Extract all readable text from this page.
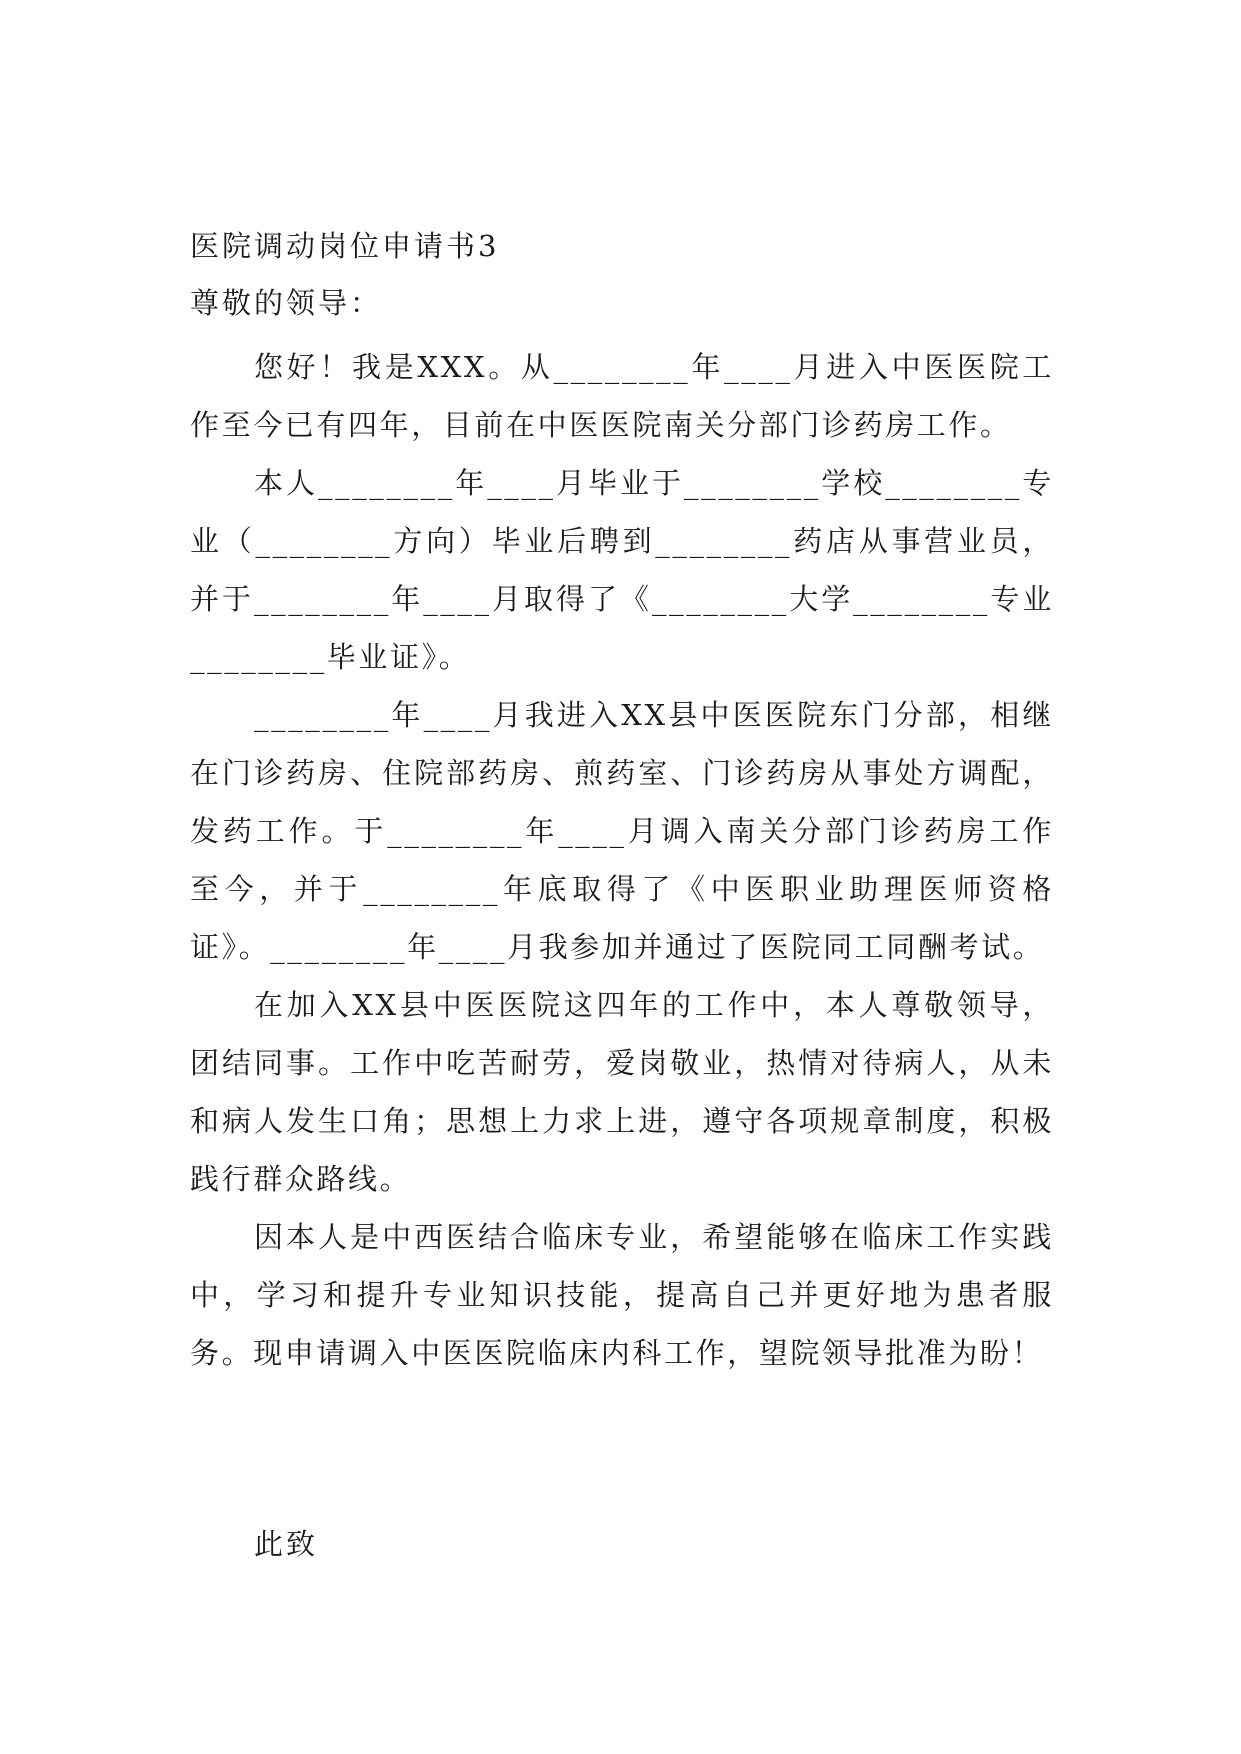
医院调动岗位申请书3
尊敬的领导：

您好！我是XXX。从________年____月进入中医医院工作至今已有四年，目前在中医医院南关分部门诊药房工作。

本人________年____月毕业于________学校________专业（________方向）毕业后聘到________药店从事营业员，并于________年____月取得了《________大学________专业________毕业证》。

________年____月我进入XX县中医医院东门分部，相继在门诊药房、住院部药房、煎药室、门诊药房从事处方调配，发药工作。于________年____月调入南关分部门诊药房工作至今，并于________年底取得了《中医职业助理医师资格证》。________年____月我参加并通过了医院同工同酬考试。

在加入XX县中医医院这四年的工作中，本人尊敬领导，团结同事。工作中吃苦耐劳，爱岗敬业，热情对待病人，从未和病人发生口角；思想上力求上进，遵守各项规章制度，积极践行群众路线。

因本人是中西医结合临床专业，希望能够在临床工作实践中，学习和提升专业知识技能，提高自己并更好地为患者服务。现申请调入中医医院临床内科工作，望院领导批准为盼！

此致
